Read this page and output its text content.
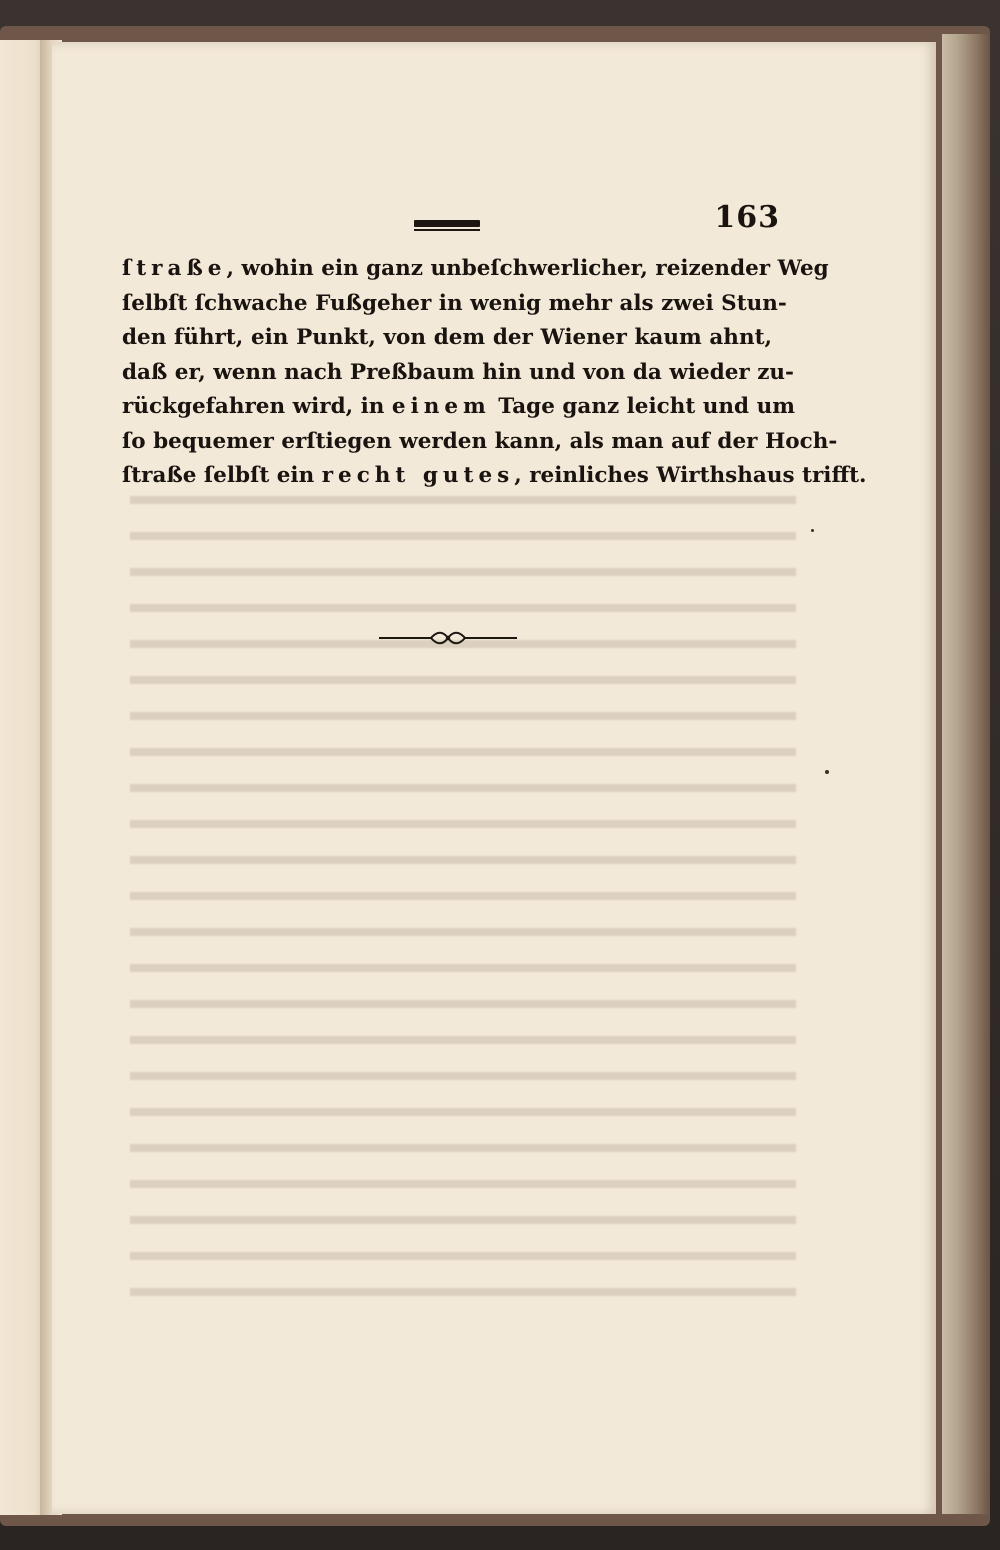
163
ſtraße, wohin ein ganz unbeſchwerlicher, reizender Weg
ſelbſt ſchwache Fußgeher in wenig mehr als zwei Stun-
den führt, ein Punkt, von dem der Wiener kaum ahnt,
daß er, wenn nach Preßbaum hin und von da wieder zu-
rückgefahren wird, in einem Tage ganz leicht und um
ſo bequemer erſtiegen werden kann, als man auf der Hoch-
ſtraße ſelbſt ein recht gutes, reinliches Wirthshaus trifft.
